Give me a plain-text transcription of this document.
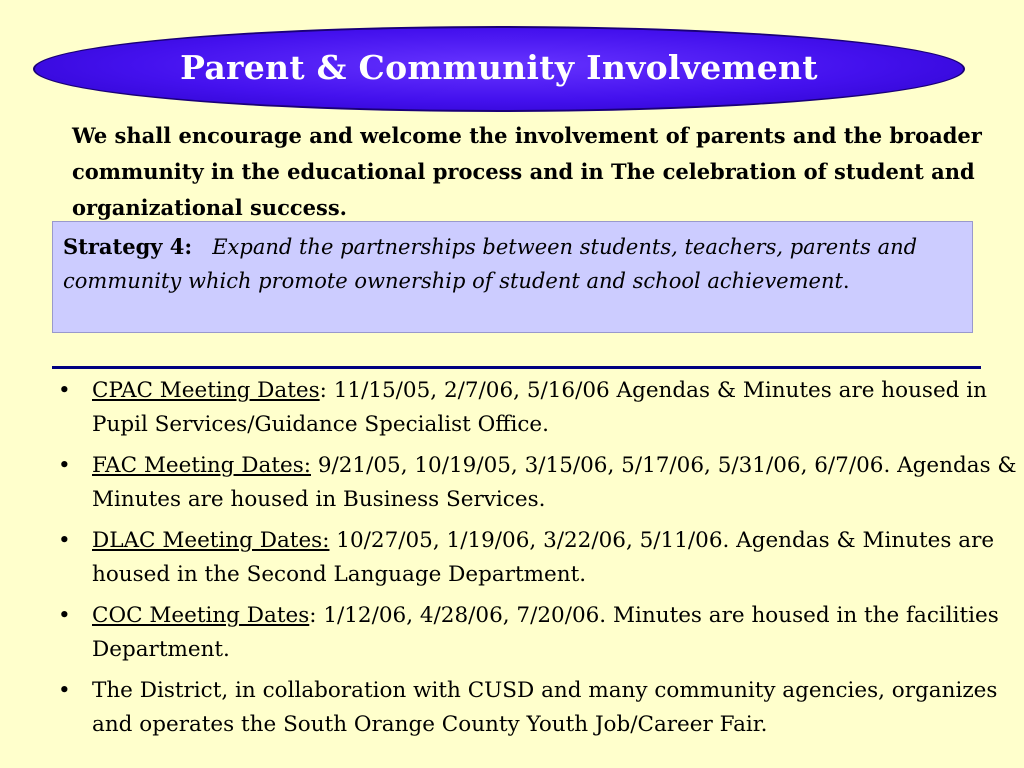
Parent & Community Involvement
We shall encourage and welcome the involvement of parents and the broader community in the educational process and in The celebration of student and organizational success.
Strategy 4: Expand the partnerships between students, teachers, parents and community which promote ownership of student and school achievement.
• CPAC Meeting Dates: 11/15/05, 2/7/06, 5/16/06 Agendas & Minutes are housed in Pupil Services/Guidance Specialist Office.
• FAC Meeting Dates: 9/21/05, 10/19/05, 3/15/06, 5/17/06, 5/31/06, 6/7/06. Agendas & Minutes are housed in Business Services.
• DLAC Meeting Dates: 10/27/05, 1/19/06, 3/22/06, 5/11/06. Agendas & Minutes are housed in the Second Language Department.
• COC Meeting Dates: 1/12/06, 4/28/06, 7/20/06. Minutes are housed in the facilities Department.
• The District, in collaboration with CUSD and many community agencies, organizes and operates the South Orange County Youth Job/Career Fair.
